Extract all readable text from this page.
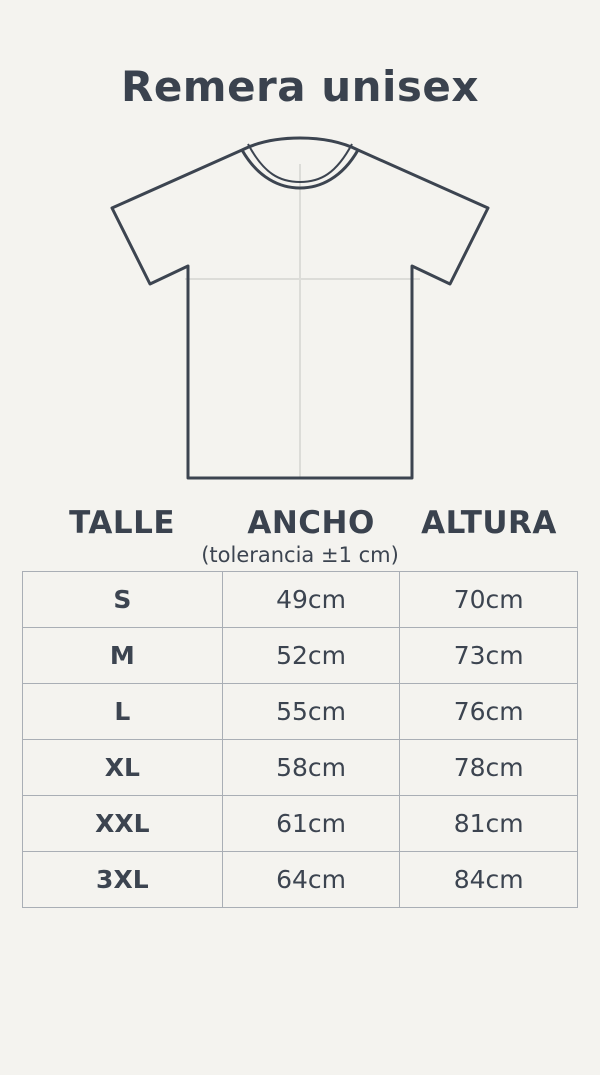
Remera unisex
TALLE	ANCHO	ALTURA
(tolerancia ±1 cm)
S	49cm	70cm
M	52cm	73cm
L	55cm	76cm
XL	58cm	78cm
XXL	61cm	81cm
3XL	64cm	84cm
